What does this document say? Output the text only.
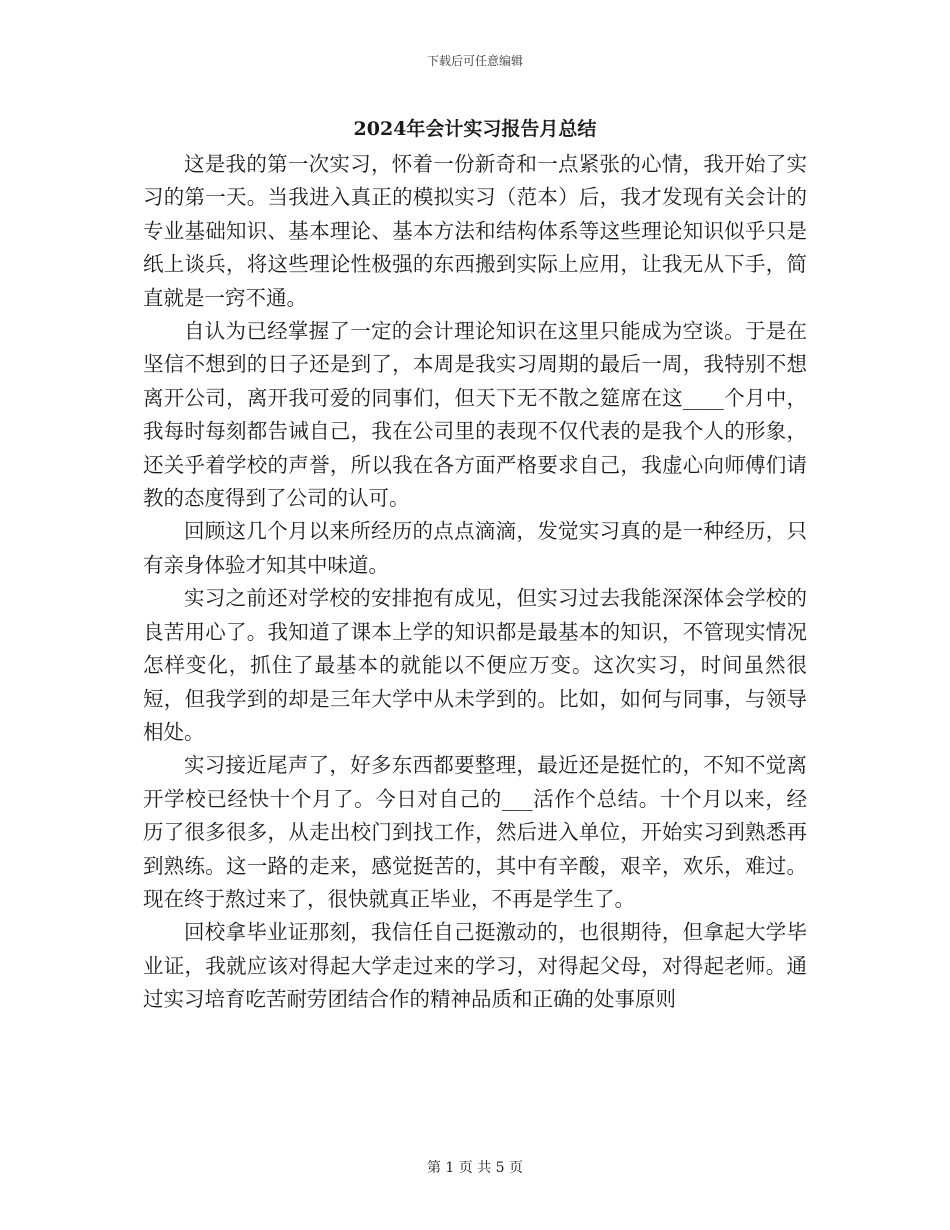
下载后可任意编辑
2024年会计实习报告月总结

这是我的第一次实习，怀着一份新奇和一点紧张的心情，我开始了实习的第一天。当我进入真正的模拟实习（范本）后，我才发现有关会计的专业基础知识、基本理论、基本方法和结构体系等这些理论知识似乎只是纸上谈兵，将这些理论性极强的东西搬到实际上应用，让我无从下手，简直就是一窍不通。

自认为已经掌握了一定的会计理论知识在这里只能成为空谈。于是在坚信不想到的日子还是到了，本周是我实习周期的最后一周，我特别不想离开公司，离开我可爱的同事们，但天下无不散之筵席在这____个月中，我每时每刻都告诫自己，我在公司里的表现不仅代表的是我个人的形象，还关乎着学校的声誉，所以我在各方面严格要求自己，我虚心向师傅们请教的态度得到了公司的认可。

回顾这几个月以来所经历的点点滴滴，发觉实习真的是一种经历，只有亲身体验才知其中味道。

实习之前还对学校的安排抱有成见，但实习过去我能深深体会学校的良苦用心了。我知道了课本上学的知识都是最基本的知识，不管现实情况怎样变化，抓住了最基本的就能以不便应万变。这次实习，时间虽然很短，但我学到的却是三年大学中从未学到的。比如，如何与同事，与领导相处。

实习接近尾声了，好多东西都要整理，最近还是挺忙的，不知不觉离开学校已经快十个月了。今日对自己的___活作个总结。十个月以来，经历了很多很多，从走出校门到找工作，然后进入单位，开始实习到熟悉再到熟练。这一路的走来，感觉挺苦的，其中有辛酸，艰辛，欢乐，难过。现在终于熬过来了，很快就真正毕业，不再是学生了。

回校拿毕业证那刻，我信任自己挺激动的，也很期待，但拿起大学毕业证，我就应该对得起大学走过来的学习，对得起父母，对得起老师。通过实习培育吃苦耐劳团结合作的精神品质和正确的处事原则

第 1 页 共 5 页
